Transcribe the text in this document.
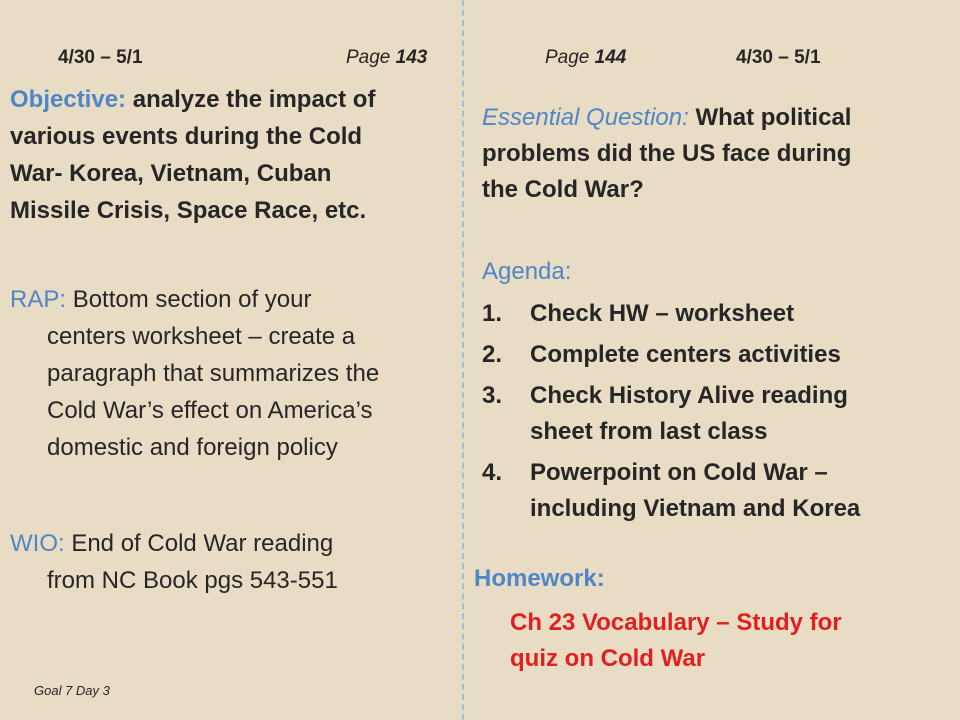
4/30 – 5/1	Page 143
Objective: analyze the impact of
various events during the Cold
War- Korea, Vietnam, Cuban
Missile Crisis, Space Race, etc.
RAP: Bottom section of your
centers worksheet – create a
paragraph that summarizes the
Cold War’s effect on America’s
domestic and foreign policy
WIO: End of Cold War reading
from NC Book pgs 543-551
Goal 7 Day 3
Page 144	4/30 – 5/1
Essential Question: What political
problems did the US face during
the Cold War?
Agenda:
1. Check HW – worksheet
2. Complete centers activities
3. Check History Alive reading
sheet from last class
4. Powerpoint on Cold War –
including Vietnam and Korea
Homework:
Ch 23 Vocabulary – Study for
quiz on Cold War
